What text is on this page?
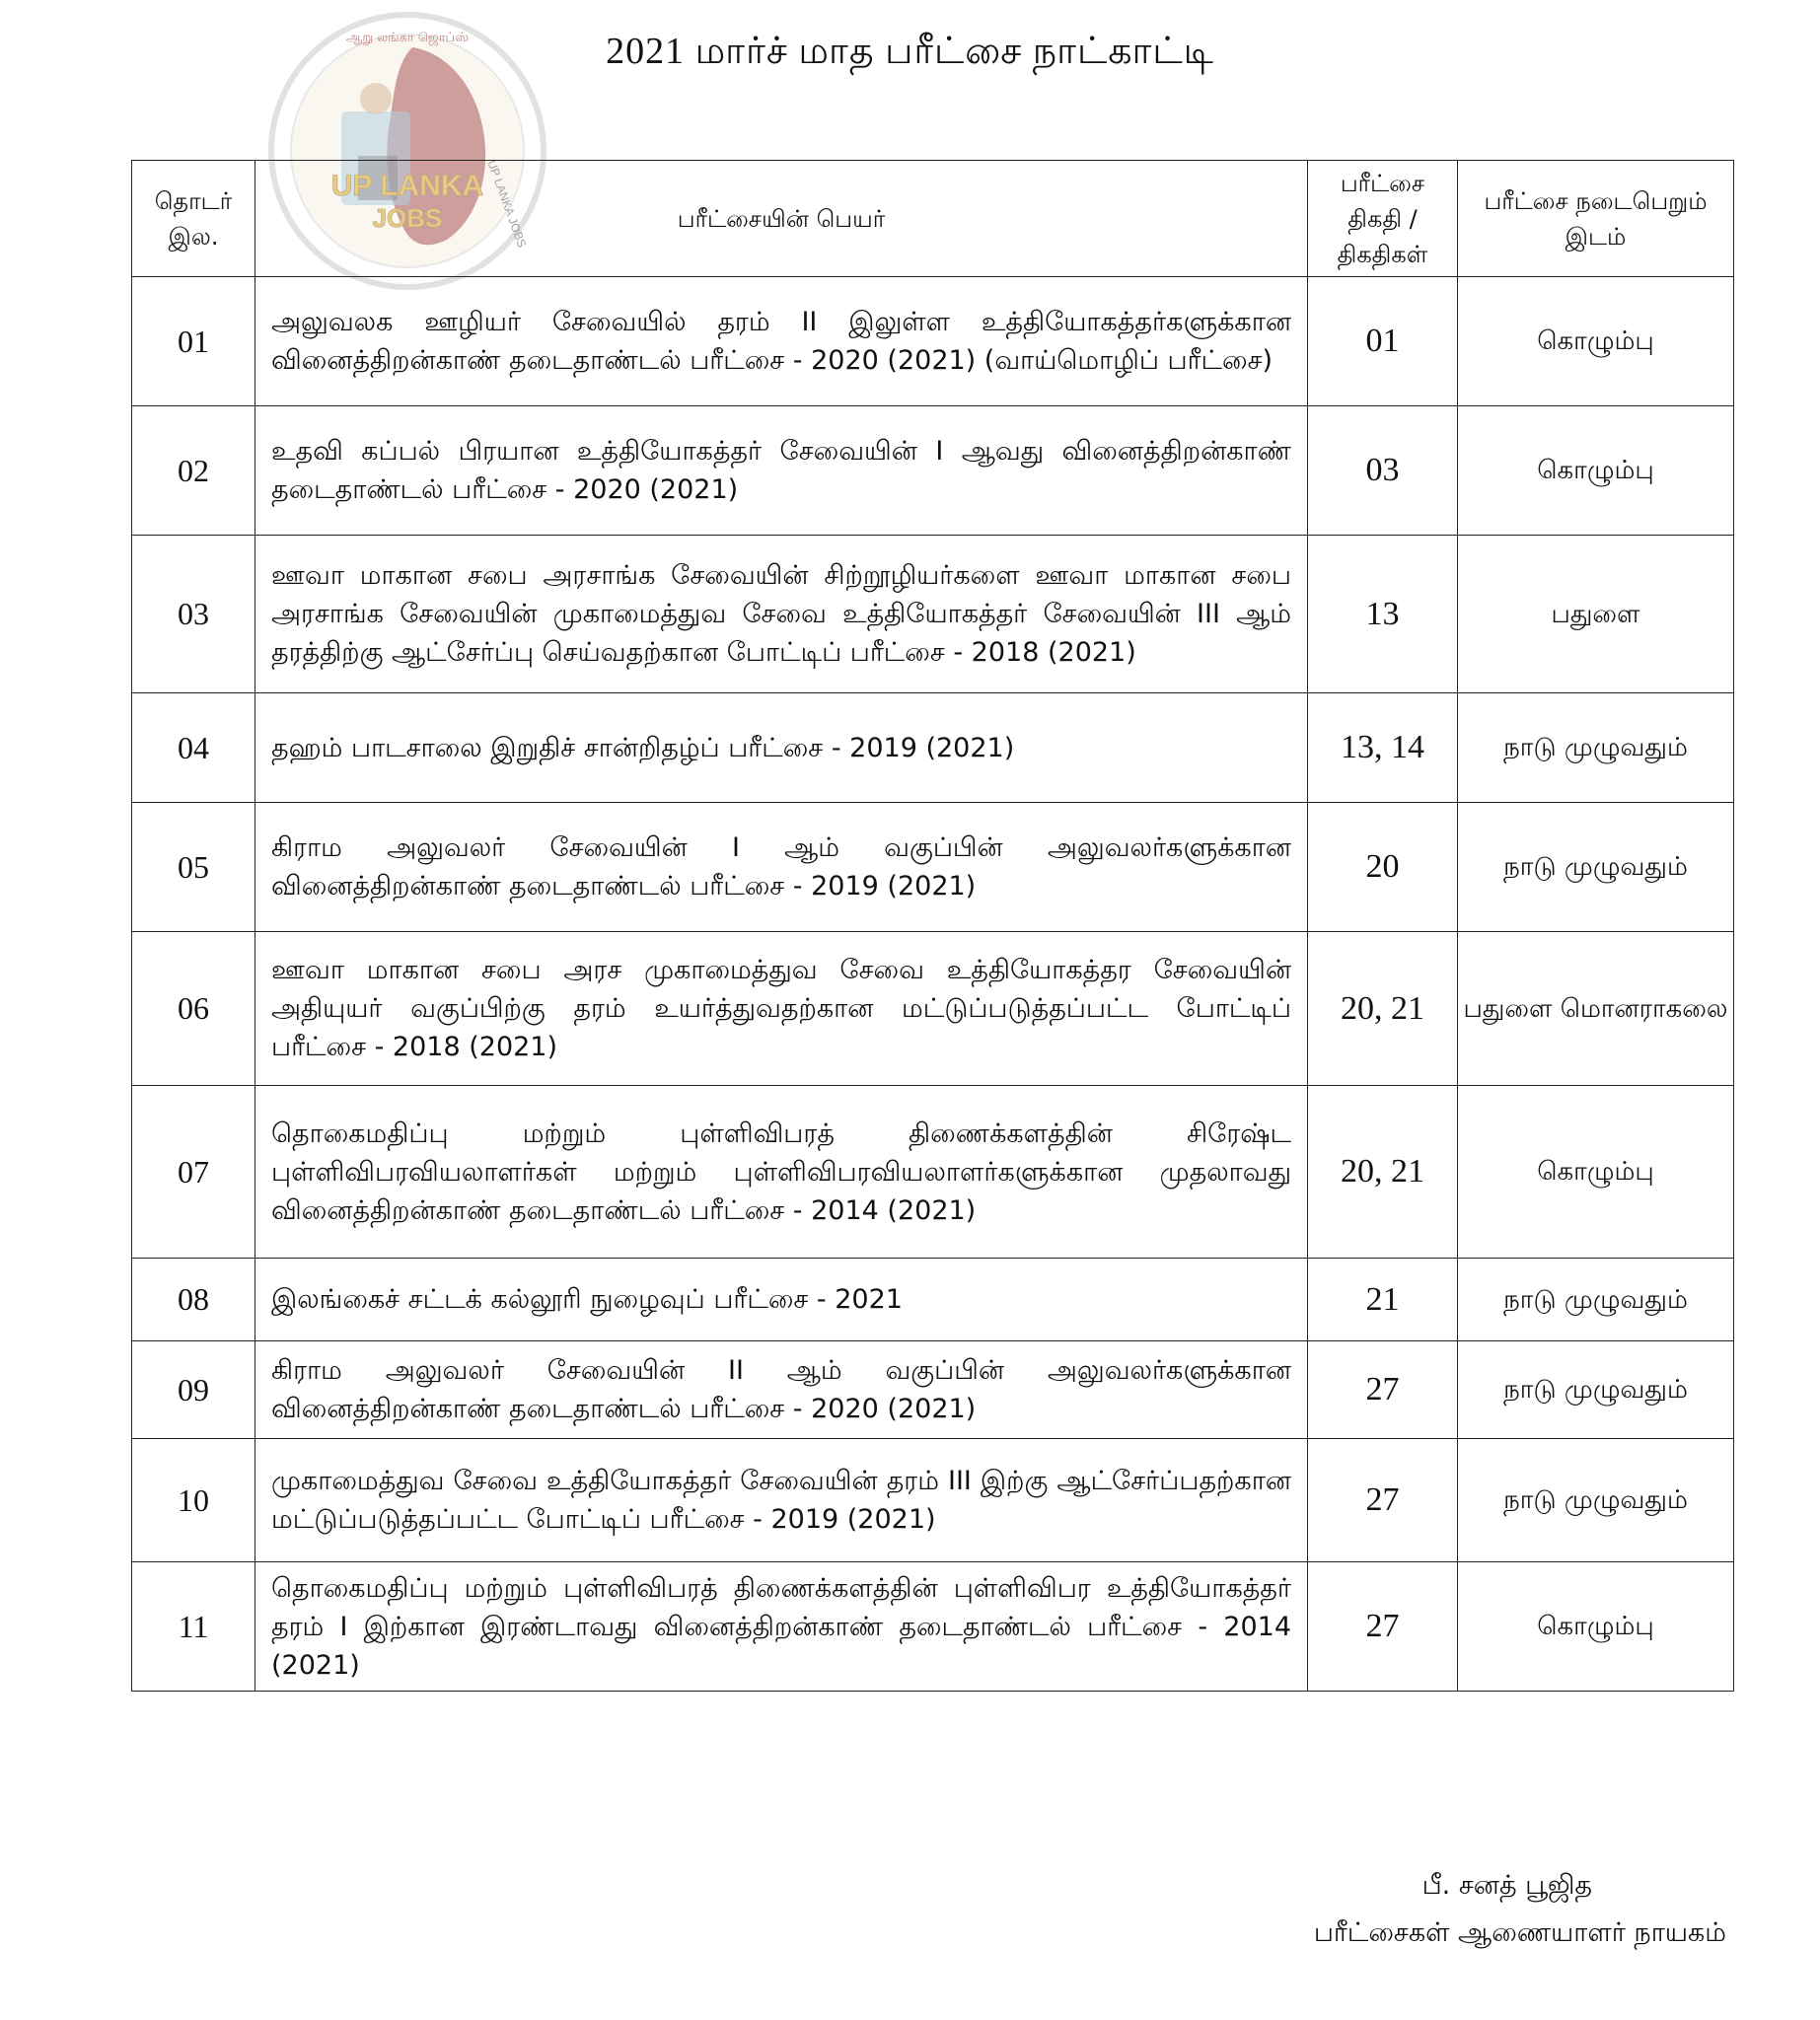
UP LANKA
JOBS
ஆறு லங்கா ஜொப்ஸ்
UP LANKA JOBS
2021 மார்ச் மாத பரீட்சை நாட்காட்டி
தொடர் இல.	பரீட்சையின் பெயர்	பரீட்சை திகதி / திகதிகள்	பரீட்சை நடைபெறும் இடம்
01	அலுவலக ஊழியர் சேவையில் தரம் II இலுள்ள உத்தியோகத்தர்களுக்கான வினைத்திறன்காண் தடைதாண்டல் பரீட்சை - 2020 (2021) (வாய்மொழிப் பரீட்சை)	01	கொழும்பு
02	உதவி கப்பல் பிரயான உத்தியோகத்தர் சேவையின் I ஆவது வினைத்திறன்காண் தடைதாண்டல் பரீட்சை - 2020 (2021)	03	கொழும்பு
03	ஊவா மாகான சபை அரசாங்க சேவையின் சிற்றூழியர்களை ஊவா மாகான சபை அரசாங்க சேவையின் முகாமைத்துவ சேவை உத்தியோகத்தர் சேவையின் III ஆம் தரத்திற்கு ஆட்சேர்ப்பு செய்வதற்கான போட்டிப் பரீட்சை - 2018 (2021)	13	பதுளை
04	தஹம் பாடசாலை இறுதிச் சான்றிதழ்ப் பரீட்சை - 2019 (2021)	13, 14	நாடு முழுவதும்
05	கிராம அலுவலர் சேவையின் I ஆம் வகுப்பின் அலுவலர்களுக்கான வினைத்திறன்காண் தடைதாண்டல் பரீட்சை - 2019 (2021)	20	நாடு முழுவதும்
06	ஊவா மாகான சபை அரச முகாமைத்துவ சேவை உத்தியோகத்தர சேவையின் அதியுயர் வகுப்பிற்கு தரம் உயர்த்துவதற்கான மட்டுப்படுத்தப்பட்ட போட்டிப் பரீட்சை - 2018 (2021)	20, 21	பதுளை மொனராகலை
07	தொகைமதிப்பு மற்றும் புள்ளிவிபரத் திணைக்களத்தின் சிரேஷ்ட புள்ளிவிபரவியலாளர்கள் மற்றும் புள்ளிவிபரவியலாளர்களுக்கான முதலாவது வினைத்திறன்காண் தடைதாண்டல் பரீட்சை - 2014 (2021)	20, 21	கொழும்பு
08	இலங்கைச் சட்டக் கல்லூரி நுழைவுப் பரீட்சை - 2021	21	நாடு முழுவதும்
09	கிராம அலுவலர் சேவையின் II ஆம் வகுப்பின் அலுவலர்களுக்கான வினைத்திறன்காண் தடைதாண்டல் பரீட்சை - 2020 (2021)	27	நாடு முழுவதும்
10	முகாமைத்துவ சேவை உத்தியோகத்தர் சேவையின் தரம் III இற்கு ஆட்சேர்ப்பதற்கான மட்டுப்படுத்தப்பட்ட போட்டிப் பரீட்சை - 2019 (2021)	27	நாடு முழுவதும்
11	தொகைமதிப்பு மற்றும் புள்ளிவிபரத் திணைக்களத்தின் புள்ளிவிபர உத்தியோகத்தர் தரம் I இற்கான இரண்டாவது வினைத்திறன்காண் தடைதாண்டல் பரீட்சை - 2014 (2021)	27	கொழும்பு
பீ. சனத் பூஜித
பரீட்சைகள் ஆணையாளர் நாயகம்
